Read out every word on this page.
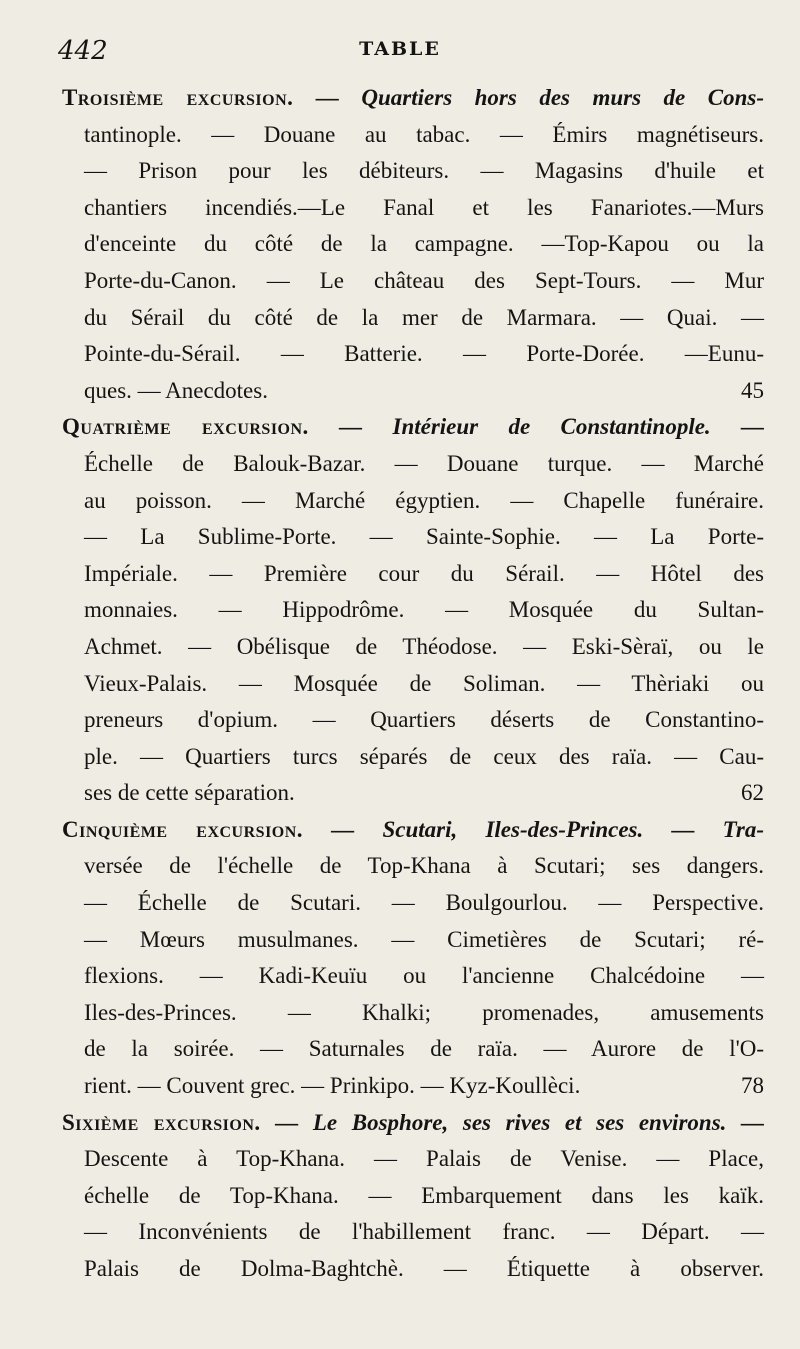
442	TABLE
Troisième excursion. — Quartiers hors des murs de Cons-
tantinople. — Douane au tabac. — Émirs magnétiseurs.
— Prison pour les débiteurs. — Magasins d'huile et
chantiers incendiés.—Le Fanal et les Fanariotes.—Murs
d'enceinte du côté de la campagne. —Top-Kapou ou la
Porte-du-Canon. — Le château des Sept-Tours. — Mur
du Sérail du côté de la mer de Marmara. — Quai. —
Pointe-du-Sérail. — Batterie. — Porte-Dorée. —Eunu-
ques. — Anecdotes.	45
Quatrième excursion. — Intérieur de Constantinople. —
Échelle de Balouk-Bazar. — Douane turque. — Marché
au poisson. — Marché égyptien. — Chapelle funéraire.
— La Sublime-Porte. — Sainte-Sophie. — La Porte-
Impériale. — Première cour du Sérail. — Hôtel des
monnaies. — Hippodrôme. — Mosquée du Sultan-
Achmet. — Obélisque de Théodose. — Eski-Sèraï, ou le
Vieux-Palais. — Mosquée de Soliman. — Thèriaki ou
preneurs d'opium. — Quartiers déserts de Constantino-
ple. — Quartiers turcs séparés de ceux des raïa. — Cau-
ses de cette séparation.	62
Cinquième excursion. — Scutari, Iles-des-Princes. — Tra-
versée de l'échelle de Top-Khana à Scutari; ses dangers.
— Échelle de Scutari. — Boulgourlou. — Perspective.
— Mœurs musulmanes. — Cimetières de Scutari; ré-
flexions. — Kadi-Keuïu ou l'ancienne Chalcédoine —
Iles-des-Princes. — Khalki; promenades, amusements
de la soirée. — Saturnales de raïa. — Aurore de l'O-
rient. — Couvent grec. — Prinkipo. — Kyz-Koullèci.	78
Sixième excursion. — Le Bosphore, ses rives et ses environs. —
Descente à Top-Khana. — Palais de Venise. — Place,
échelle de Top-Khana. — Embarquement dans les kaïk.
— Inconvénients de l'habillement franc. — Départ. —
Palais de Dolma-Baghtchè. — Étiquette à observer.
